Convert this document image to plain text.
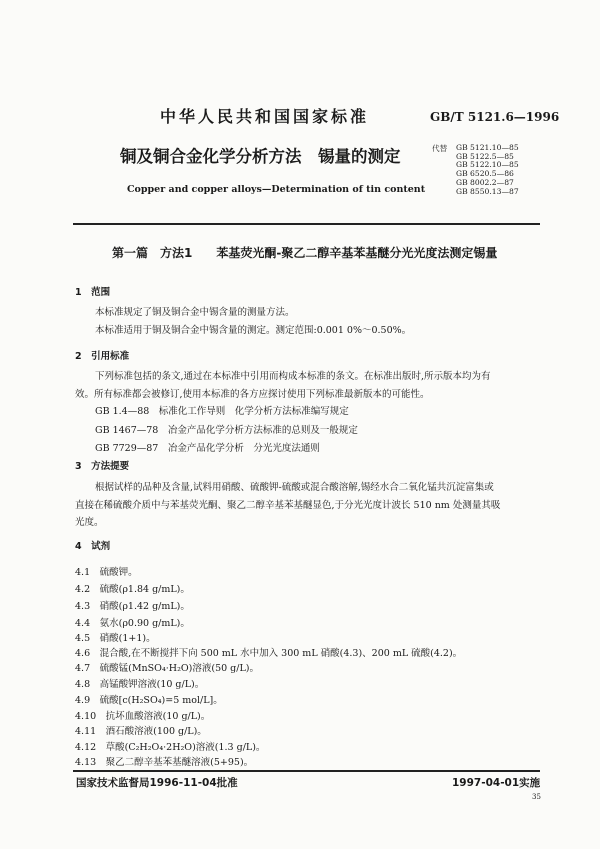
中华人民共和国国家标准	GB/T 5121.6—1996
铜及铜合金化学分析方法　锡量的测定
Copper and copper alloys—Determination of tin content
代替 GB 5121.10—85
GB 5122.5—85
GB 5122.10—85
GB 6520.5—86
GB 8002.2—87
GB 8550.13—87
第一篇　方法1　　苯基荧光酮-聚乙二醇辛基苯基醚分光光度法测定锡量
1　范围
本标准规定了铜及铜合金中锡含量的测量方法。
本标准适用于铜及铜合金中锡含量的测定。测定范围:0.001 0%～0.50%。
2　引用标准
下列标准包括的条文,通过在本标准中引用而构成本标准的条文。在标准出版时,所示版本均为有
效。所有标准都会被修订,使用本标准的各方应探讨使用下列标准最新版本的可能性。
GB 1.4—88　标准化工作导则　化学分析方法标准编写规定
GB 1467—78　冶金产品化学分析方法标准的总则及一般规定
GB 7729—87　冶金产品化学分析　分光光度法通则
3　方法提要
根据试样的品种及含量,试料用硝酸、硫酸钾-硫酸或混合酸溶解,锡经水合二氧化锰共沉淀富集或
直接在稀硫酸介质中与苯基荧光酮、聚乙二醇辛基苯基醚显色,于分光光度计波长 510 nm 处测量其吸
光度。
4　试剂
4.1　硫酸钾。
4.2　硫酸(ρ1.84 g/mL)。
4.3　硝酸(ρ1.42 g/mL)。
4.4　氨水(ρ0.90 g/mL)。
4.5　硝酸(1+1)。
4.6　混合酸,在不断搅拌下向 500 mL 水中加入 300 mL 硝酸(4.3)、200 mL 硫酸(4.2)。
4.7　硫酸锰(MnSO₄·H₂O)溶液(50 g/L)。
4.8　高锰酸钾溶液(10 g/L)。
4.9　硫酸[c(H₂SO₄)=5 mol/L]。
4.10　抗坏血酸溶液(10 g/L)。
4.11　酒石酸溶液(100 g/L)。
4.12　草酸(C₂H₂O₄·2H₂O)溶液(1.3 g/L)。
4.13　聚乙二醇辛基苯基醚溶液(5+95)。
国家技术监督局1996-11-04批准	1997-04-01实施
35
